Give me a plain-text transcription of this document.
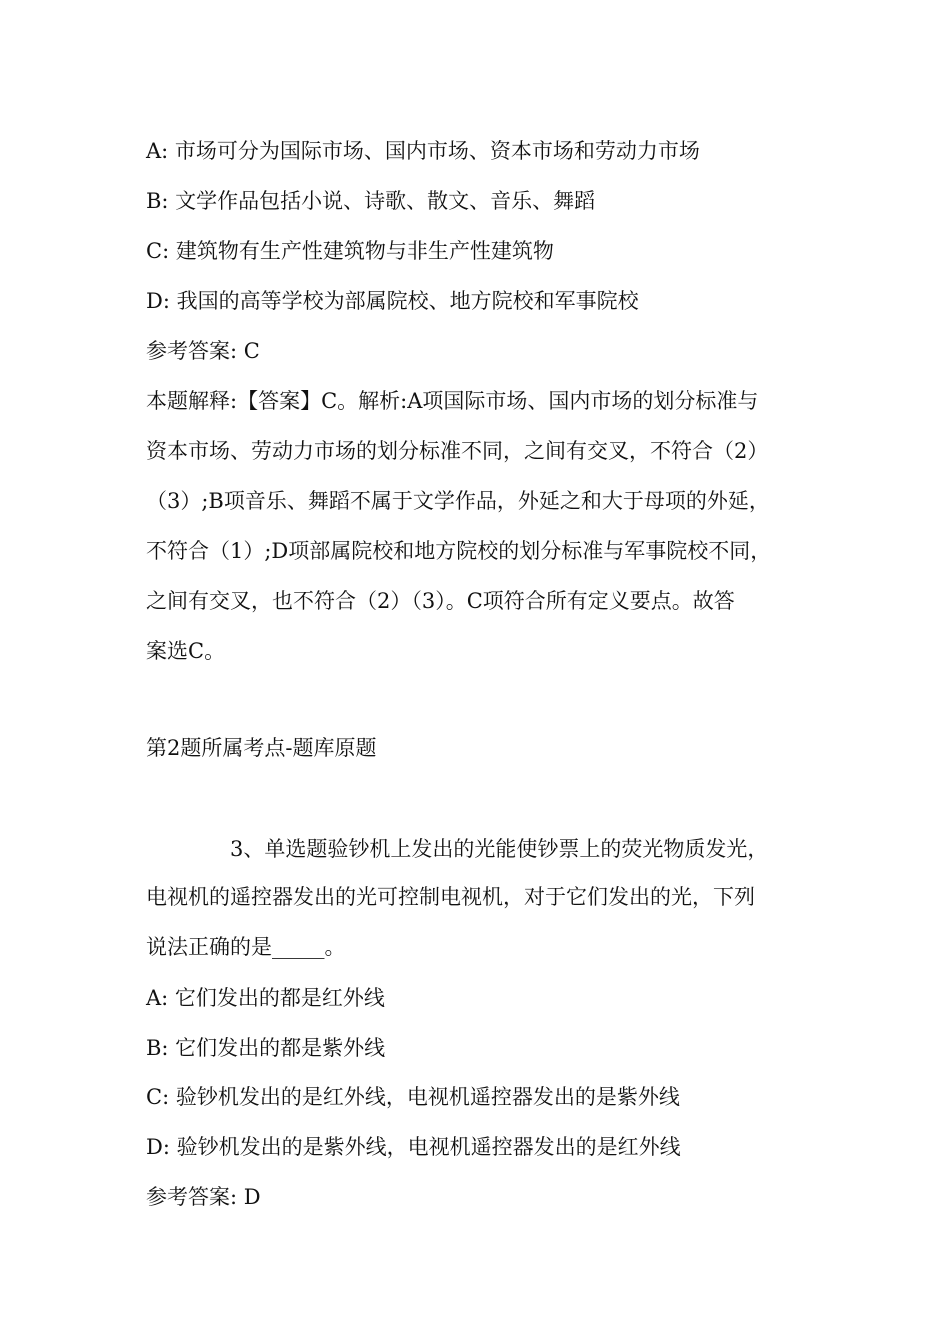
A: 市场可分为国际市场、国内市场、资本市场和劳动力市场
B: 文学作品包括小说、诗歌、散文、音乐、舞蹈
C: 建筑物有生产性建筑物与非生产性建筑物
D: 我国的高等学校为部属院校、地方院校和军事院校
参考答案: C
本题解释:【答案】C。解析:A项国际市场、国内市场的划分标准与
资本市场、劳动力市场的划分标准不同，之间有交叉，不符合（2）
（3）;B项音乐、舞蹈不属于文学作品，外延之和大于母项的外延，
不符合（1）;D项部属院校和地方院校的划分标准与军事院校不同，
之间有交叉，也不符合（2）（3）。C项符合所有定义要点。故答
案选C。
第2题所属考点-题库原题
3、单选题验钞机上发出的光能使钞票上的荧光物质发光，
电视机的遥控器发出的光可控制电视机，对于它们发出的光，下列
说法正确的是_____。
A: 它们发出的都是红外线
B: 它们发出的都是紫外线
C: 验钞机发出的是红外线，电视机遥控器发出的是紫外线
D: 验钞机发出的是紫外线，电视机遥控器发出的是红外线
参考答案: D
